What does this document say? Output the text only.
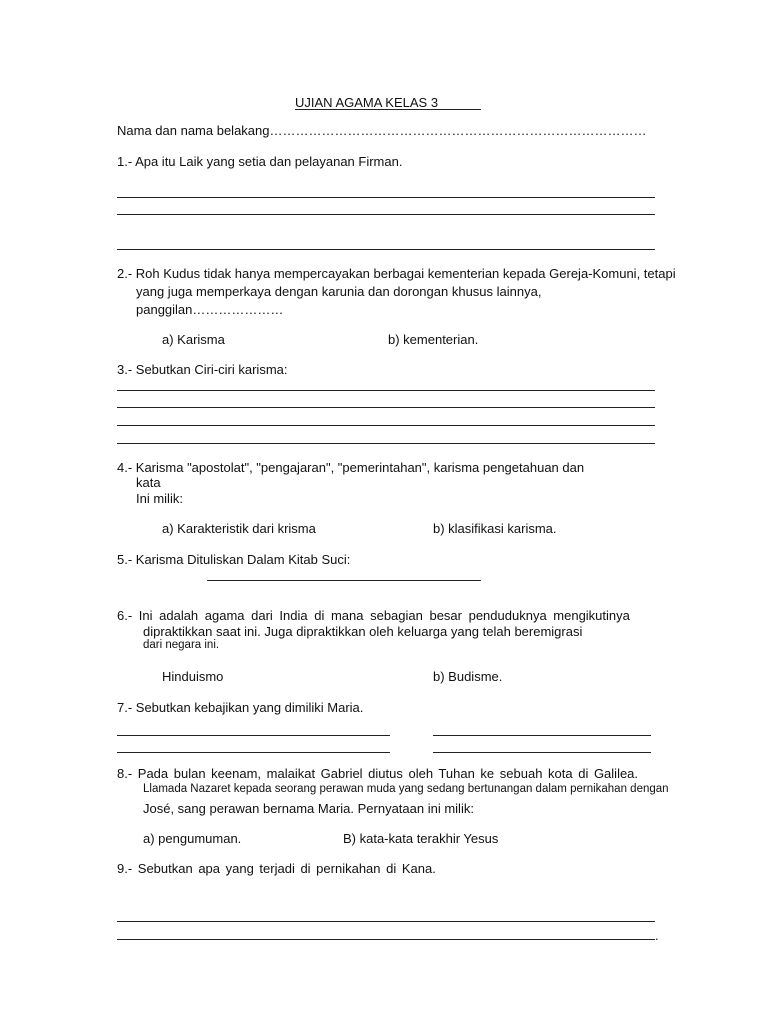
UJIAN AGAMA KELAS 3
Nama dan nama belakang……………………………………………………………………………
1.- Apa itu Laik yang setia dan pelayanan Firman.
2.- Roh Kudus tidak hanya mempercayakan berbagai kementerian kepada Gereja-Komuni, tetapi
yang juga memperkaya dengan karunia dan dorongan khusus lainnya,
panggilan…………………
a) Karisma	b) kementerian.
3.- Sebutkan Ciri-ciri karisma:
4.- Karisma "apostolat", "pengajaran", "pemerintahan", karisma pengetahuan dan
kata
Ini milik:
a) Karakteristik dari krisma	b) klasifikasi karisma.
5.- Karisma Dituliskan Dalam Kitab Suci:
6.- Ini adalah agama dari India di mana sebagian besar penduduknya mengikutinya
dipraktikkan saat ini. Juga dipraktikkan oleh keluarga yang telah beremigrasi
dari negara ini.
Hinduismo	b) Budisme.
7.- Sebutkan kebajikan yang dimiliki Maria.
8.- Pada bulan keenam, malaikat Gabriel diutus oleh Tuhan ke sebuah kota di Galilea.
Llamada Nazaret kepada seorang perawan muda yang sedang bertunangan dalam pernikahan dengan
José, sang perawan bernama Maria. Pernyataan ini milik:
a) pengumuman.	B) kata-kata terakhir Yesus
9.- Sebutkan apa yang terjadi di pernikahan di Kana.
.
